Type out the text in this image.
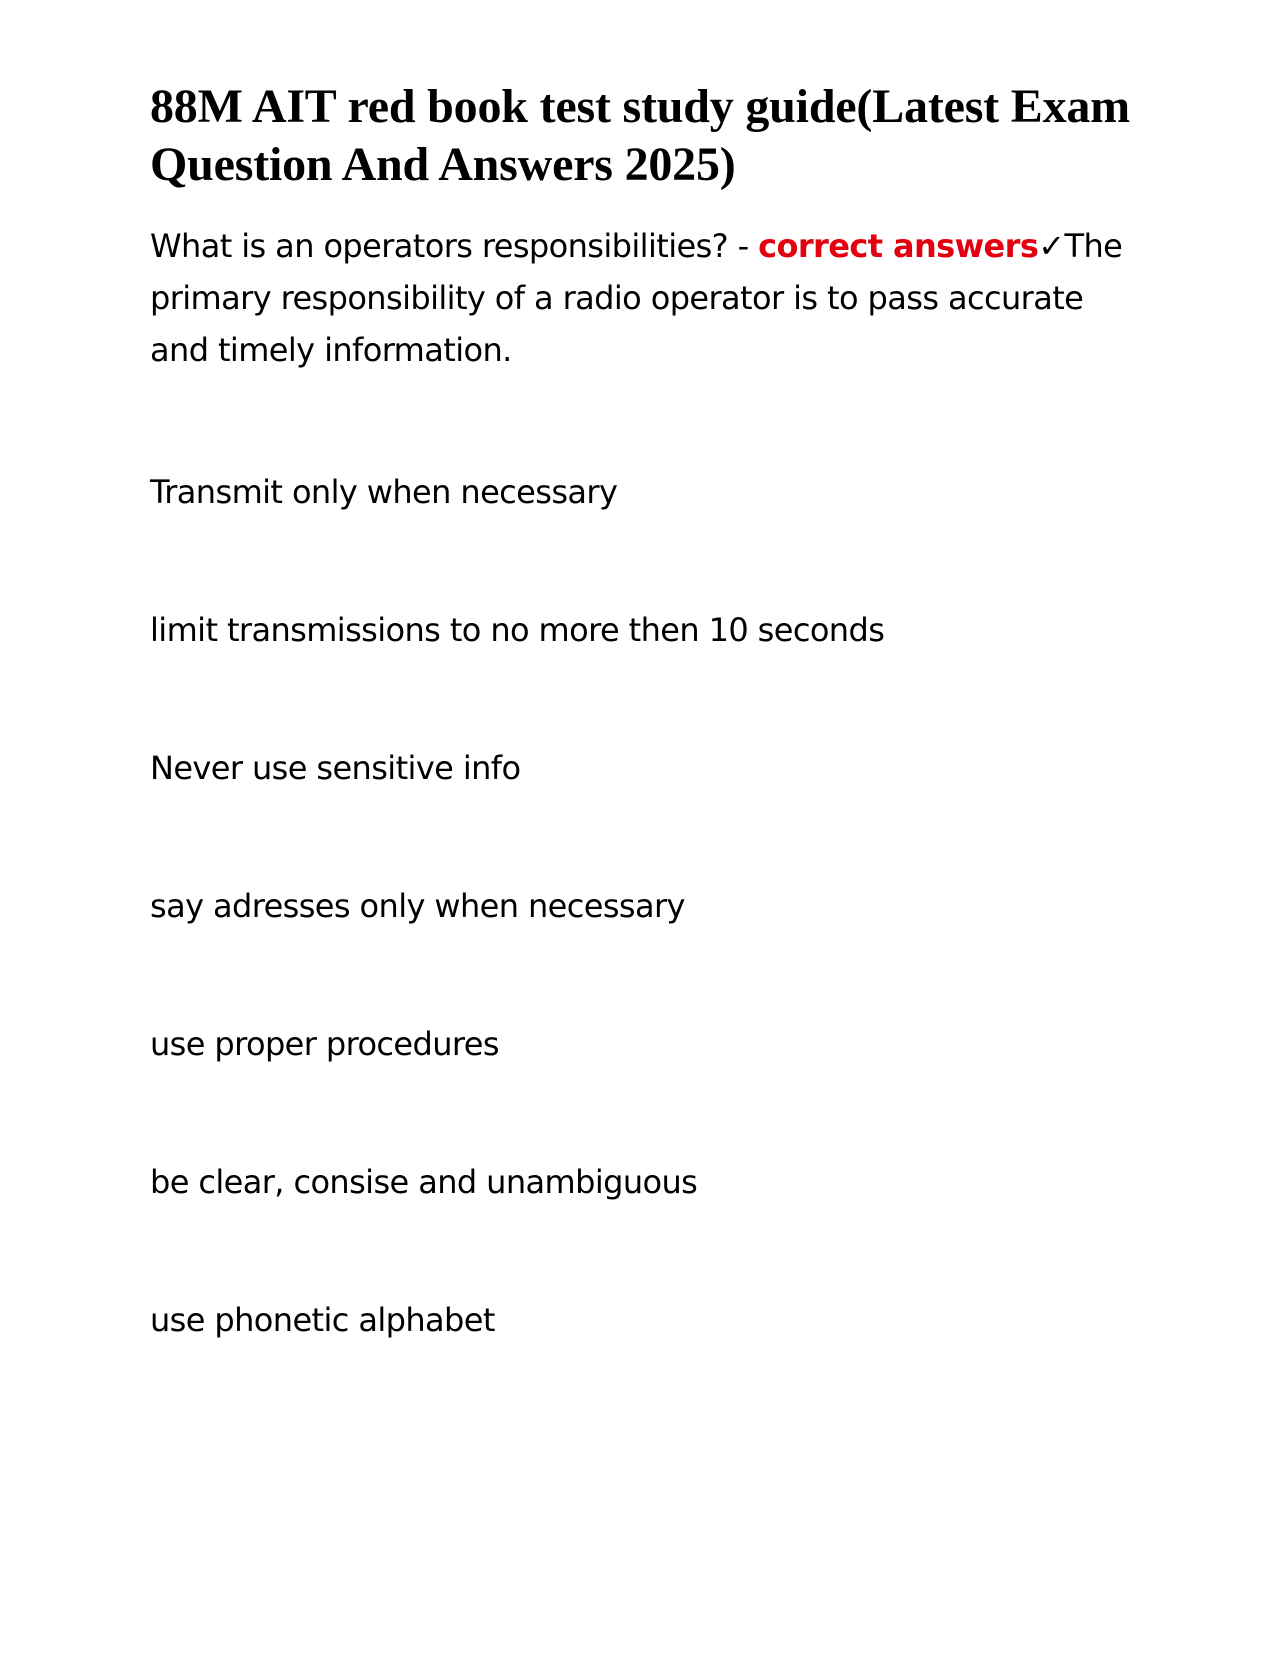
88M AIT red book test study guide(Latest Exam Question And Answers 2025)

What is an operators responsibilities? - correct answers✓The primary responsibility of a radio operator is to pass accurate and timely information.

Transmit only when necessary

limit transmissions to no more then 10 seconds

Never use sensitive info

say adresses only when necessary

use proper procedures

be clear, consise and unambiguous

use phonetic alphabet
